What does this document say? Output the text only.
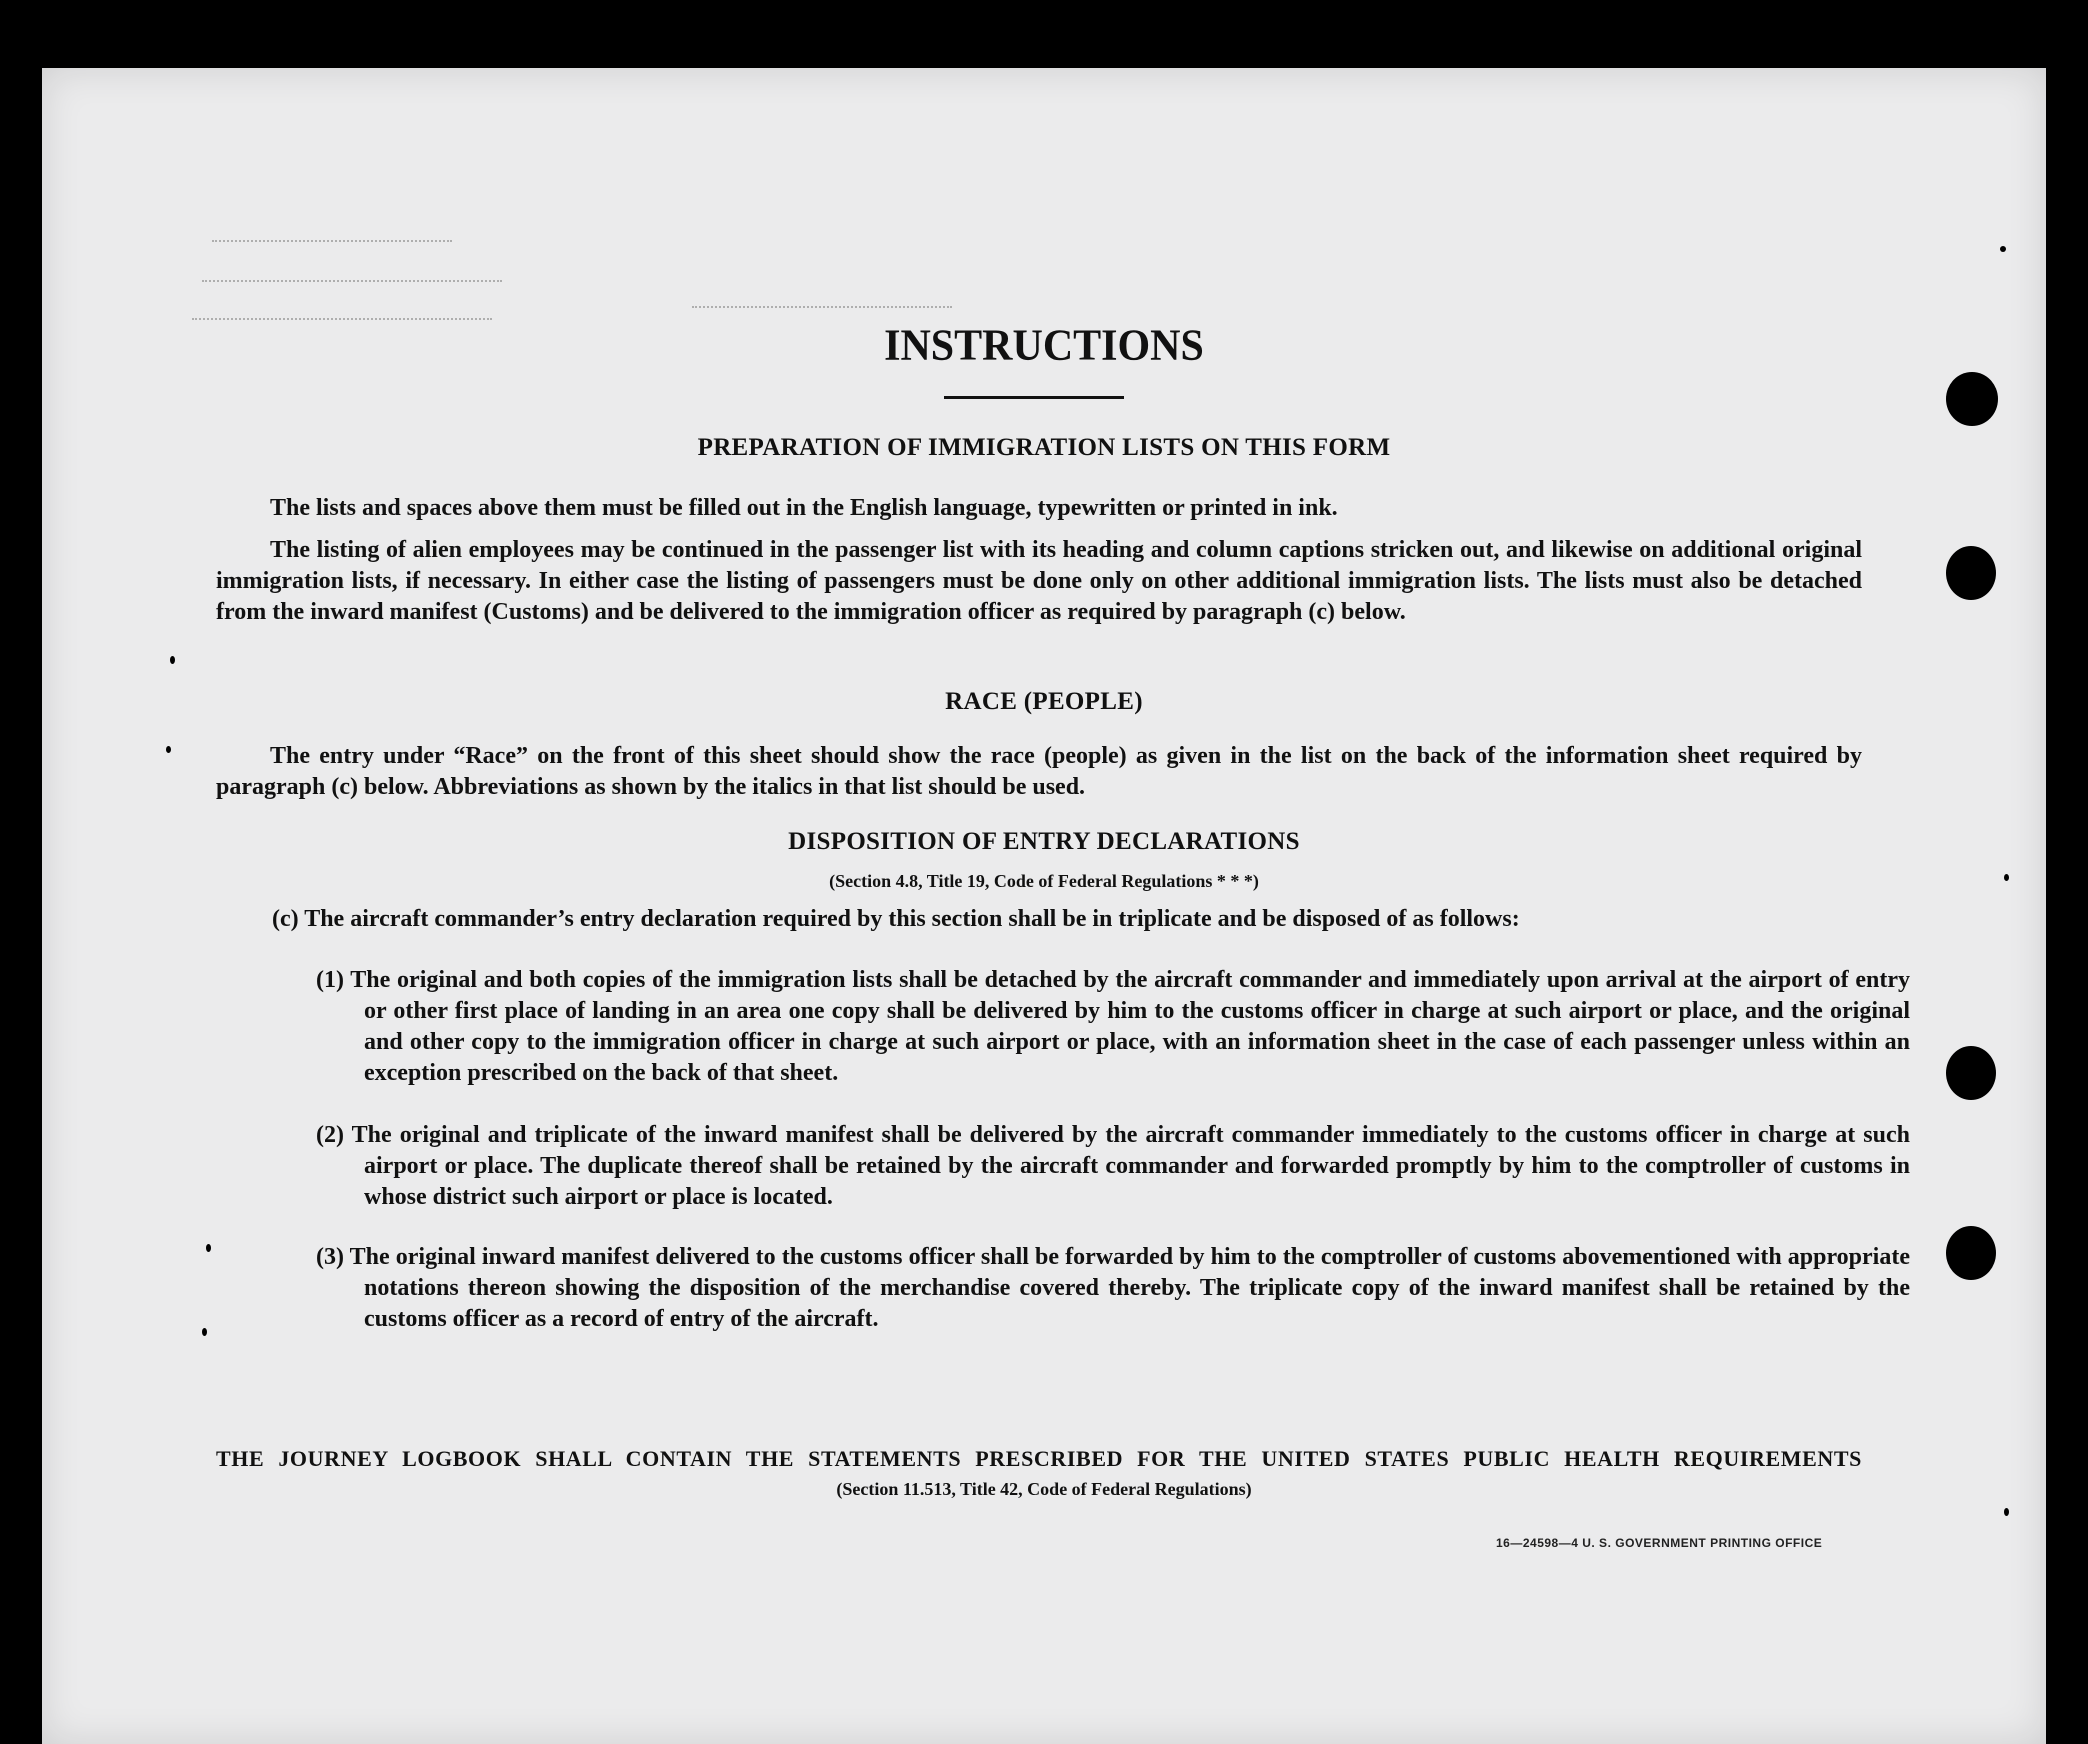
INSTRUCTIONS
PREPARATION OF IMMIGRATION LISTS ON THIS FORM
The lists and spaces above them must be filled out in the English language, typewritten or printed in ink.
The listing of alien employees may be continued in the passenger list with its heading and column captions stricken out, and likewise on additional original immigration lists, if necessary. In either case the listing of passengers must be done only on other additional immigration lists. The lists must also be detached from the inward manifest (Customs) and be delivered to the immigration officer as required by paragraph (c) below.
RACE (PEOPLE)
The entry under “Race” on the front of this sheet should show the race (people) as given in the list on the back of the information sheet required by paragraph (c) below. Abbreviations as shown by the italics in that list should be used.
DISPOSITION OF ENTRY DECLARATIONS
(Section 4.8, Title 19, Code of Federal Regulations * * *)
(c) The aircraft commander’s entry declaration required by this section shall be in triplicate and be disposed of as follows:
(1) The original and both copies of the immigration lists shall be detached by the aircraft commander and immediately upon arrival at the airport of entry or other first place of landing in an area one copy shall be delivered by him to the customs officer in charge at such airport or place, and the original and other copy to the immigration officer in charge at such airport or place, with an information sheet in the case of each passenger unless within an exception prescribed on the back of that sheet.
(2) The original and triplicate of the inward manifest shall be delivered by the aircraft commander immediately to the customs officer in charge at such airport or place. The duplicate thereof shall be retained by the aircraft commander and forwarded promptly by him to the comptroller of customs in whose district such airport or place is located.
(3) The original inward manifest delivered to the customs officer shall be forwarded by him to the comptroller of customs abovementioned with appropriate notations thereon showing the disposition of the merchandise covered thereby. The triplicate copy of the inward manifest shall be retained by the customs officer as a record of entry of the aircraft.
THE JOURNEY LOGBOOK SHALL CONTAIN THE STATEMENTS PRESCRIBED FOR THE UNITED STATES PUBLIC HEALTH REQUIREMENTS
(Section 11.513, Title 42, Code of Federal Regulations)
16—24598—4 U. S. GOVERNMENT PRINTING OFFICE
